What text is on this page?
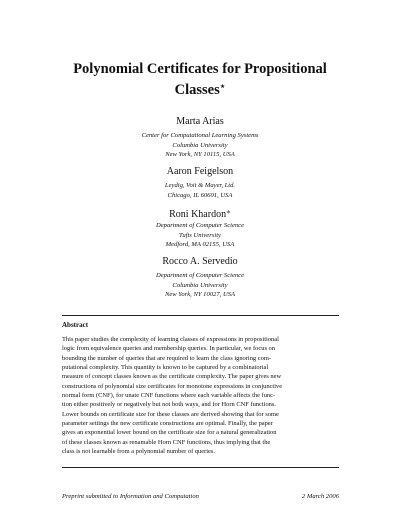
Polynomial Certificates for Propositional
Classes⋆
Marta Arias
Center for Computational Learning Systems
Columbia University
New York, NY 10115, USA
Aaron Feigelson
Leydig, Voit & Mayer, Ltd.
Chicago, IL 60601, USA
Roni Khardon∗
Department of Computer Science
Tufts University
Medford, MA 02155, USA
Rocco A. Servedio
Department of Computer Science
Columbia University
New York, NY 10027, USA
Abstract
This paper studies the complexity of learning classes of expressions in propositional
logic from equivalence queries and membership queries. In particular, we focus on
bounding the number of queries that are required to learn the class ignoring com-
putational complexity. This quantity is known to be captured by a combinatorial
measure of concept classes known as the certificate complexity. The paper gives new
constructions of polynomial size certificates for monotone expressions in conjunctive
normal form (CNF), for unate CNF functions where each variable affects the func-
tion either positively or negatively but not both ways, and for Horn CNF functions.
Lower bounds on certificate size for these classes are derived showing that for some
parameter settings the new certificate constructions are optimal. Finally, the paper
gives an exponential lower bound on the certificate size for a natural generalization
of these classes known as renamable Horn CNF functions, thus implying that the
class is not learnable from a polynomial number of queries.
Preprint submitted to Information and Computation	2 March 2006
